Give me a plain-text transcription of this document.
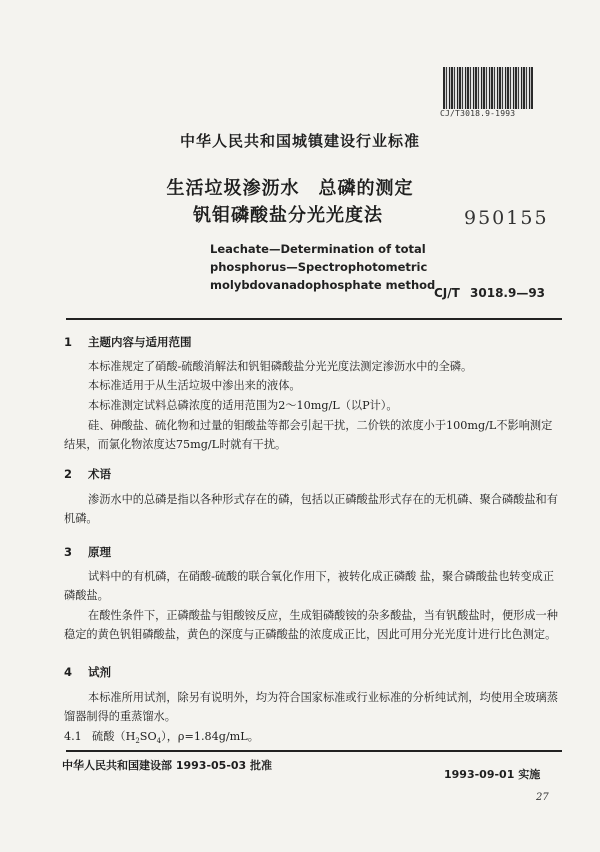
CJ/T3018.9-1993
中华人民共和国城镇建设行业标准
生活垃圾渗沥水　总磷的测定
钒钼磷酸盐分光光度法	950155
Leachate—Determination of total
phosphorus—Spectrophotometric
molybdovanadophosphate method
CJ/T 3018.9—93
1 主题内容与适用范围
本标准规定了硝酸-硫酸消解法和钒钼磷酸盐分光光度法测定渗沥水中的全磷。
本标准适用于从生活垃圾中渗出来的液体。
本标准测定试料总磷浓度的适用范围为2～10mg/L（以P计）。
硅、砷酸盐、硫化物和过量的钼酸盐等都会引起干扰，二价铁的浓度小于100mg/L不影响测定结果，而氯化物浓度达75mg/L时就有干扰。
2 术语
渗沥水中的总磷是指以各种形式存在的磷，包括以正磷酸盐形式存在的无机磷、聚合磷酸盐和有机磷。
3 原理
试料中的有机磷，在硝酸-硫酸的联合氧化作用下，被转化成正磷酸 盐，聚合磷酸盐也转变成正磷酸盐。
在酸性条件下，正磷酸盐与钼酸铵反应，生成钼磷酸铵的杂多酸盐，当有钒酸盐时，便形成一种稳定的黄色钒钼磷酸盐，黄色的深度与正磷酸盐的浓度成正比，因此可用分光光度计进行比色测定。
4 试剂
本标准所用试剂，除另有说明外，均为符合国家标准或行业标准的分析纯试剂，均使用全玻璃蒸馏器制得的重蒸馏水。
4.1 硫酸$(H_2SO_4)$，ρ=1.84g/mL。
中华人民共和国建设部 1993-05-03 批准
1993-09-01 实施
27
